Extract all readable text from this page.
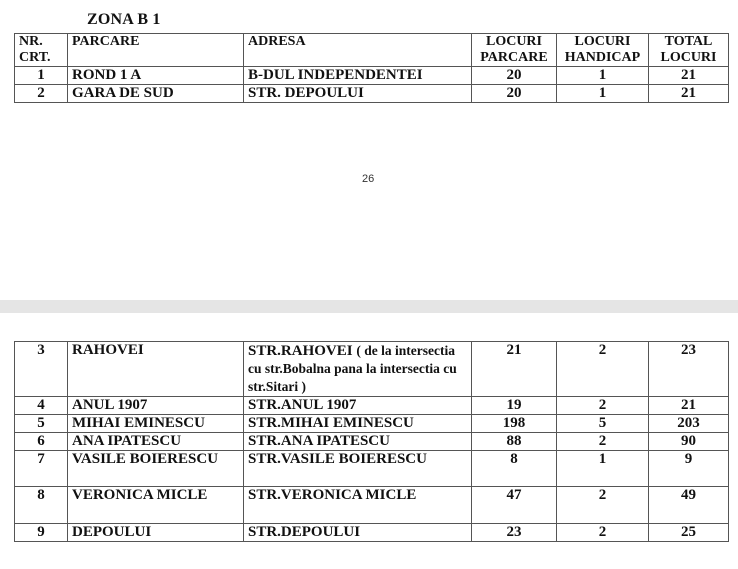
ZONA B 1
NR. CRT.	PARCARE	ADRESA	LOCURI PARCARE	LOCURI HANDICAP	TOTAL LOCURI
1	ROND 1 A	B-DUL INDEPENDENTEI	20	1	21
2	GARA DE SUD	STR. DEPOULUI	20	1	21
26
3	RAHOVEI	STR.RAHOVEI ( de la intersectia cu str.Bobalna pana la intersectia cu str.Sitari )	21	2	23
4	ANUL 1907	STR.ANUL 1907	19	2	21
5	MIHAI EMINESCU	STR.MIHAI EMINESCU	198	5	203
6	ANA IPATESCU	STR.ANA IPATESCU	88	2	90
7	VASILE BOIERESCU	STR.VASILE BOIERESCU	8	1	9
8	VERONICA MICLE	STR.VERONICA MICLE	47	2	49
9	DEPOULUI	STR.DEPOULUI	23	2	25
